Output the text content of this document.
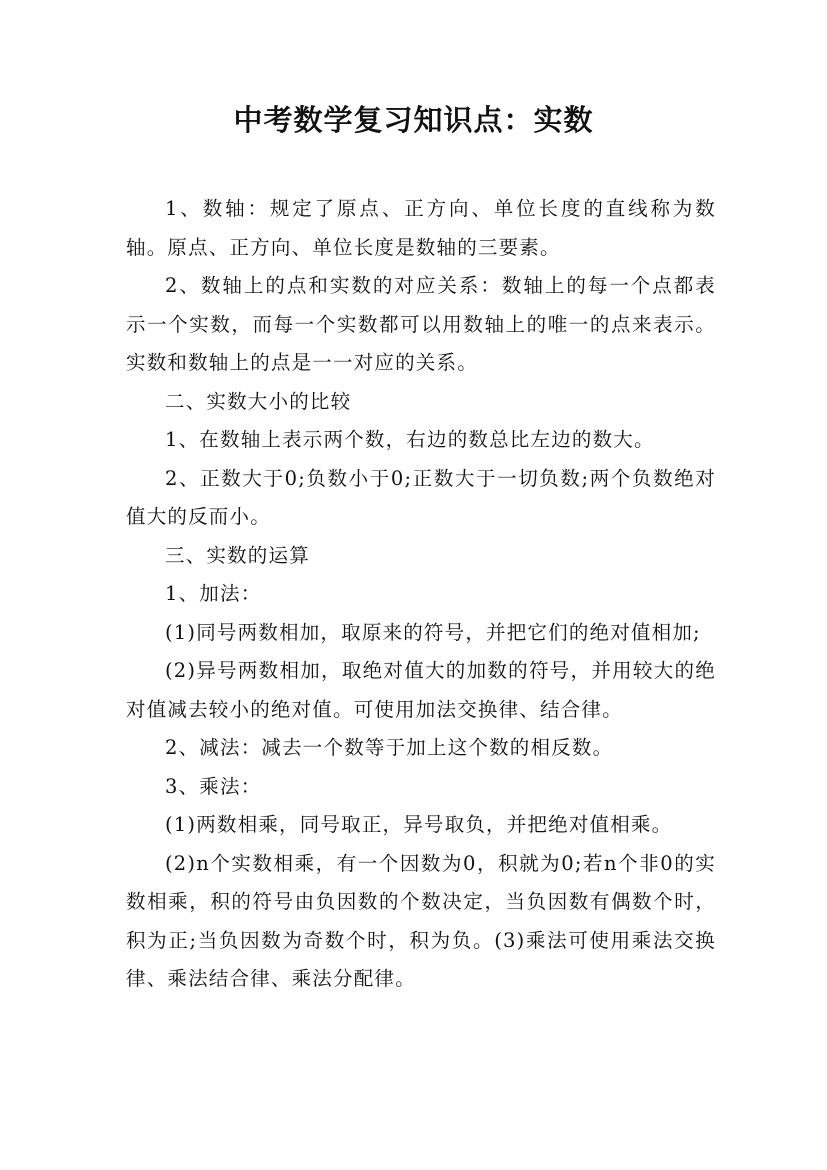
中考数学复习知识点：实数

1、数轴：规定了原点、正方向、单位长度的直线称为数轴。原点、正方向、单位长度是数轴的三要素。

2、数轴上的点和实数的对应关系：数轴上的每一个点都表示一个实数，而每一个实数都可以用数轴上的唯一的点来表示。实数和数轴上的点是一一对应的关系。

二、实数大小的比较

1、在数轴上表示两个数，右边的数总比左边的数大。

2、正数大于0;负数小于0;正数大于一切负数;两个负数绝对值大的反而小。

三、实数的运算

1、加法：

(1)同号两数相加，取原来的符号，并把它们的绝对值相加;

(2)异号两数相加，取绝对值大的加数的符号，并用较大的绝对值减去较小的绝对值。可使用加法交换律、结合律。

2、减法：减去一个数等于加上这个数的相反数。

3、乘法：

(1)两数相乘，同号取正，异号取负，并把绝对值相乘。

(2)n个实数相乘，有一个因数为0，积就为0;若n个非0的实数相乘，积的符号由负因数的个数决定，当负因数有偶数个时，积为正;当负因数为奇数个时，积为负。(3)乘法可使用乘法交换律、乘法结合律、乘法分配律。
